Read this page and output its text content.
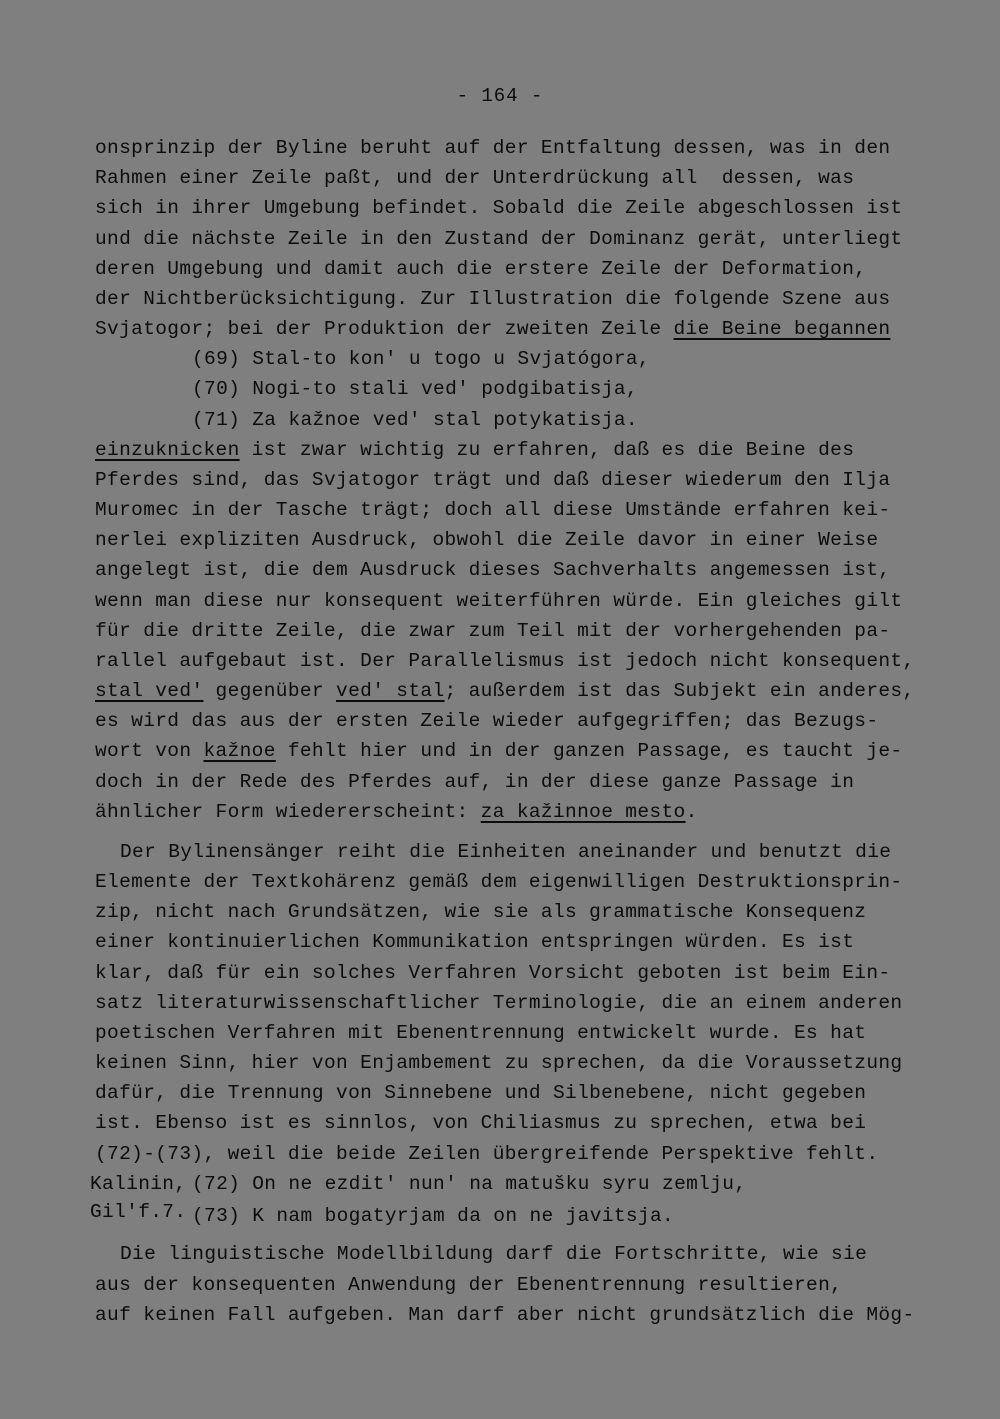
- 164 -
onsprinzip der Byline beruht auf der Entfaltung dessen, was in den
Rahmen einer Zeile paßt, und der Unterdrückung all  dessen, was
sich in ihrer Umgebung befindet. Sobald die Zeile abgeschlossen ist
und die nächste Zeile in den Zustand der Dominanz gerät, unterliegt
deren Umgebung und damit auch die erstere Zeile der Deformation,
der Nichtberücksichtigung. Zur Illustration die folgende Szene aus
Svjatogor; bei der Produktion der zweiten Zeile die Beine begannen
(69) Stal-to kon' u togo u Svjatógora,
(70) Nogi-to stali ved' podgibatisja,
(71) Za kažnoe ved' stal potykatisja.
einzuknicken ist zwar wichtig zu erfahren, daß es die Beine des
Pferdes sind, das Svjatogor trägt und daß dieser wiederum den Ilja
Muromec in der Tasche trägt; doch all diese Umstände erfahren kei-
nerlei expliziten Ausdruck, obwohl die Zeile davor in einer Weise
angelegt ist, die dem Ausdruck dieses Sachverhalts angemessen ist,
wenn man diese nur konsequent weiterführen würde. Ein gleiches gilt
für die dritte Zeile, die zwar zum Teil mit der vorhergehenden pa-
rallel aufgebaut ist. Der Parallelismus ist jedoch nicht konsequent,
stal ved' gegenüber ved' stal; außerdem ist das Subjekt ein anderes,
es wird das aus der ersten Zeile wieder aufgegriffen; das Bezugs-
wort von kažnoe fehlt hier und in der ganzen Passage, es taucht je-
doch in der Rede des Pferdes auf, in der diese ganze Passage in
ähnlicher Form wiedererscheint: za kažinnoe mesto.
Der Bylinensänger reiht die Einheiten aneinander und benutzt die
Elemente der Textkohärenz gemäß dem eigenwilligen Destruktionsprin-
zip, nicht nach Grundsätzen, wie sie als grammatische Konsequenz
einer kontinuierlichen Kommunikation entspringen würden. Es ist
klar, daß für ein solches Verfahren Vorsicht geboten ist beim Ein-
satz literaturwissenschaftlicher Terminologie, die an einem anderen
poetischen Verfahren mit Ebenentrennung entwickelt wurde. Es hat
keinen Sinn, hier von Enjambement zu sprechen, da die Voraussetzung
dafür, die Trennung von Sinnebene und Silbenebene, nicht gegeben
ist. Ebenso ist es sinnlos, von Chiliasmus zu sprechen, etwa bei
(72)-(73), weil die beide Zeilen übergreifende Perspektive fehlt.
Kalinin, (72) On ne ezdit' nun' na matušku syru zemlju,
Gil'f.7. (73) K nam bogatyrjam da on ne javitsja.
Die linguistische Modellbildung darf die Fortschritte, wie sie
aus der konsequenten Anwendung der Ebenentrennung resultieren,
auf keinen Fall aufgeben. Man darf aber nicht grundsätzlich die Mög-
